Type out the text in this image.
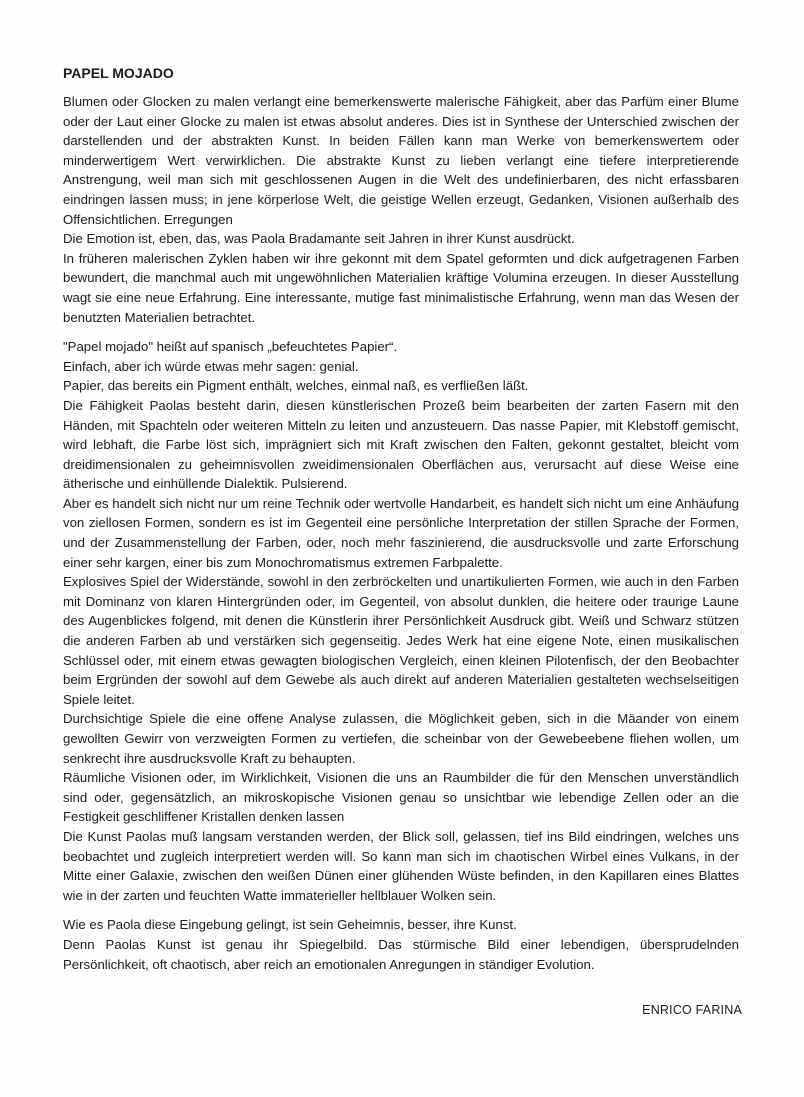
PAPEL MOJADO

Blumen oder Glocken zu malen verlangt eine bemerkenswerte malerische Fähigkeit, aber das Parfüm einer Blume oder der Laut einer Glocke zu malen ist etwas absolut anderes. Dies ist in Synthese der Unterschied zwischen der darstellenden und der abstrakten Kunst. In beiden Fällen kann man Werke von bemerkenswertem oder minderwertigem Wert verwirklichen. Die abstrakte Kunst zu lieben verlangt eine tiefere interpretierende Anstrengung, weil man sich mit geschlossenen Augen in die Welt des undefinierbaren, des nicht erfassbaren eindringen lassen muss; in jene körperlose Welt, die geistige Wellen erzeugt, Gedanken, Visionen außerhalb des Offensichtlichen. Erregungen

Die Emotion ist, eben, das, was Paola Bradamante seit Jahren in ihrer Kunst ausdrückt.

In früheren malerischen Zyklen haben wir ihre gekonnt mit dem Spatel geformten und dick aufgetragenen Farben bewundert, die manchmal auch mit ungewöhnlichen Materialien kräftige Volumina erzeugen. In dieser Ausstellung wagt sie eine neue Erfahrung. Eine interessante, mutige fast minimalistische Erfahrung, wenn man das Wesen der benutzten Materialien betrachtet.

"Papel mojado" heißt auf spanisch „befeuchtetes Papier“.

Einfach, aber ich würde etwas mehr sagen: genial.

Papier, das bereits ein Pigment enthält, welches, einmal naß, es verfließen läßt.

Die Fähigkeit Paolas besteht darin, diesen künstlerischen Prozeß beim bearbeiten der zarten Fasern mit den Händen, mit Spachteln oder weiteren Mitteln zu leiten und anzusteuern. Das nasse Papier, mit Klebstoff gemischt, wird lebhaft, die Farbe löst sich, imprägniert sich mit Kraft zwischen den Falten, gekonnt gestaltet, bleicht vom dreidimensionalen zu geheimnisvollen zweidimensionalen Oberflächen aus, verursacht auf diese Weise eine ätherische und einhüllende Dialektik. Pulsierend.

Aber es handelt sich nicht nur um reine Technik oder wertvolle Handarbeit, es handelt sich nicht um eine Anhäufung von ziellosen Formen, sondern es ist im Gegenteil eine persönliche Interpretation der stillen Sprache der Formen, und der Zusammenstellung der Farben, oder, noch mehr faszinierend, die ausdrucksvolle und zarte Erforschung einer sehr kargen, einer bis zum Monochromatismus extremen Farbpalette.

Explosives Spiel der Widerstände, sowohl in den zerbröckelten und unartikulierten Formen, wie auch in den Farben mit Dominanz von klaren Hintergründen oder, im Gegenteil, von absolut dunklen, die heitere oder traurige Laune des Augenblickes folgend, mit denen die Künstlerin ihrer Persönlichkeit Ausdruck gibt. Weiß und Schwarz stützen die anderen Farben ab und verstärken sich gegenseitig. Jedes Werk hat eine eigene Note, einen musikalischen Schlüssel oder, mit einem etwas gewagten biologischen Vergleich, einen kleinen Pilotenfisch, der den Beobachter beim Ergründen der sowohl auf dem Gewebe als auch direkt auf anderen Materialien gestalteten wechselseitigen Spiele leitet.

Durchsichtige Spiele die eine offene Analyse zulassen, die Möglichkeit geben, sich in die Mäander von einem gewollten Gewirr von verzweigten Formen zu vertiefen, die scheinbar von der Gewebeebene fliehen wollen, um senkrecht ihre ausdrucksvolle Kraft zu behaupten.

Räumliche Visionen oder, im Wirklichkeit, Visionen die uns an Raumbilder die für den Menschen unverständlich sind oder, gegensätzlich, an mikroskopische Visionen genau so unsichtbar wie lebendige Zellen oder an die Festigkeit geschliffener Kristallen denken lassen

Die Kunst Paolas muß langsam verstanden werden, der Blick soll, gelassen, tief ins Bild eindringen, welches uns beobachtet und zugleich interpretiert werden will. So kann man sich im chaotischen Wirbel eines Vulkans, in der Mitte einer Galaxie, zwischen den weißen Dünen einer glühenden Wüste befinden, in den Kapillaren eines Blattes wie in der zarten und feuchten Watte immaterieller hellblauer Wolken sein.

Wie es Paola diese Eingebung gelingt, ist sein Geheimnis, besser, ihre Kunst.

Denn Paolas Kunst ist genau ihr Spiegelbild. Das stürmische Bild einer lebendigen, übersprudelnden Persönlichkeit, oft chaotisch, aber reich an emotionalen Anregungen in ständiger Evolution.

ENRICO FARINA
